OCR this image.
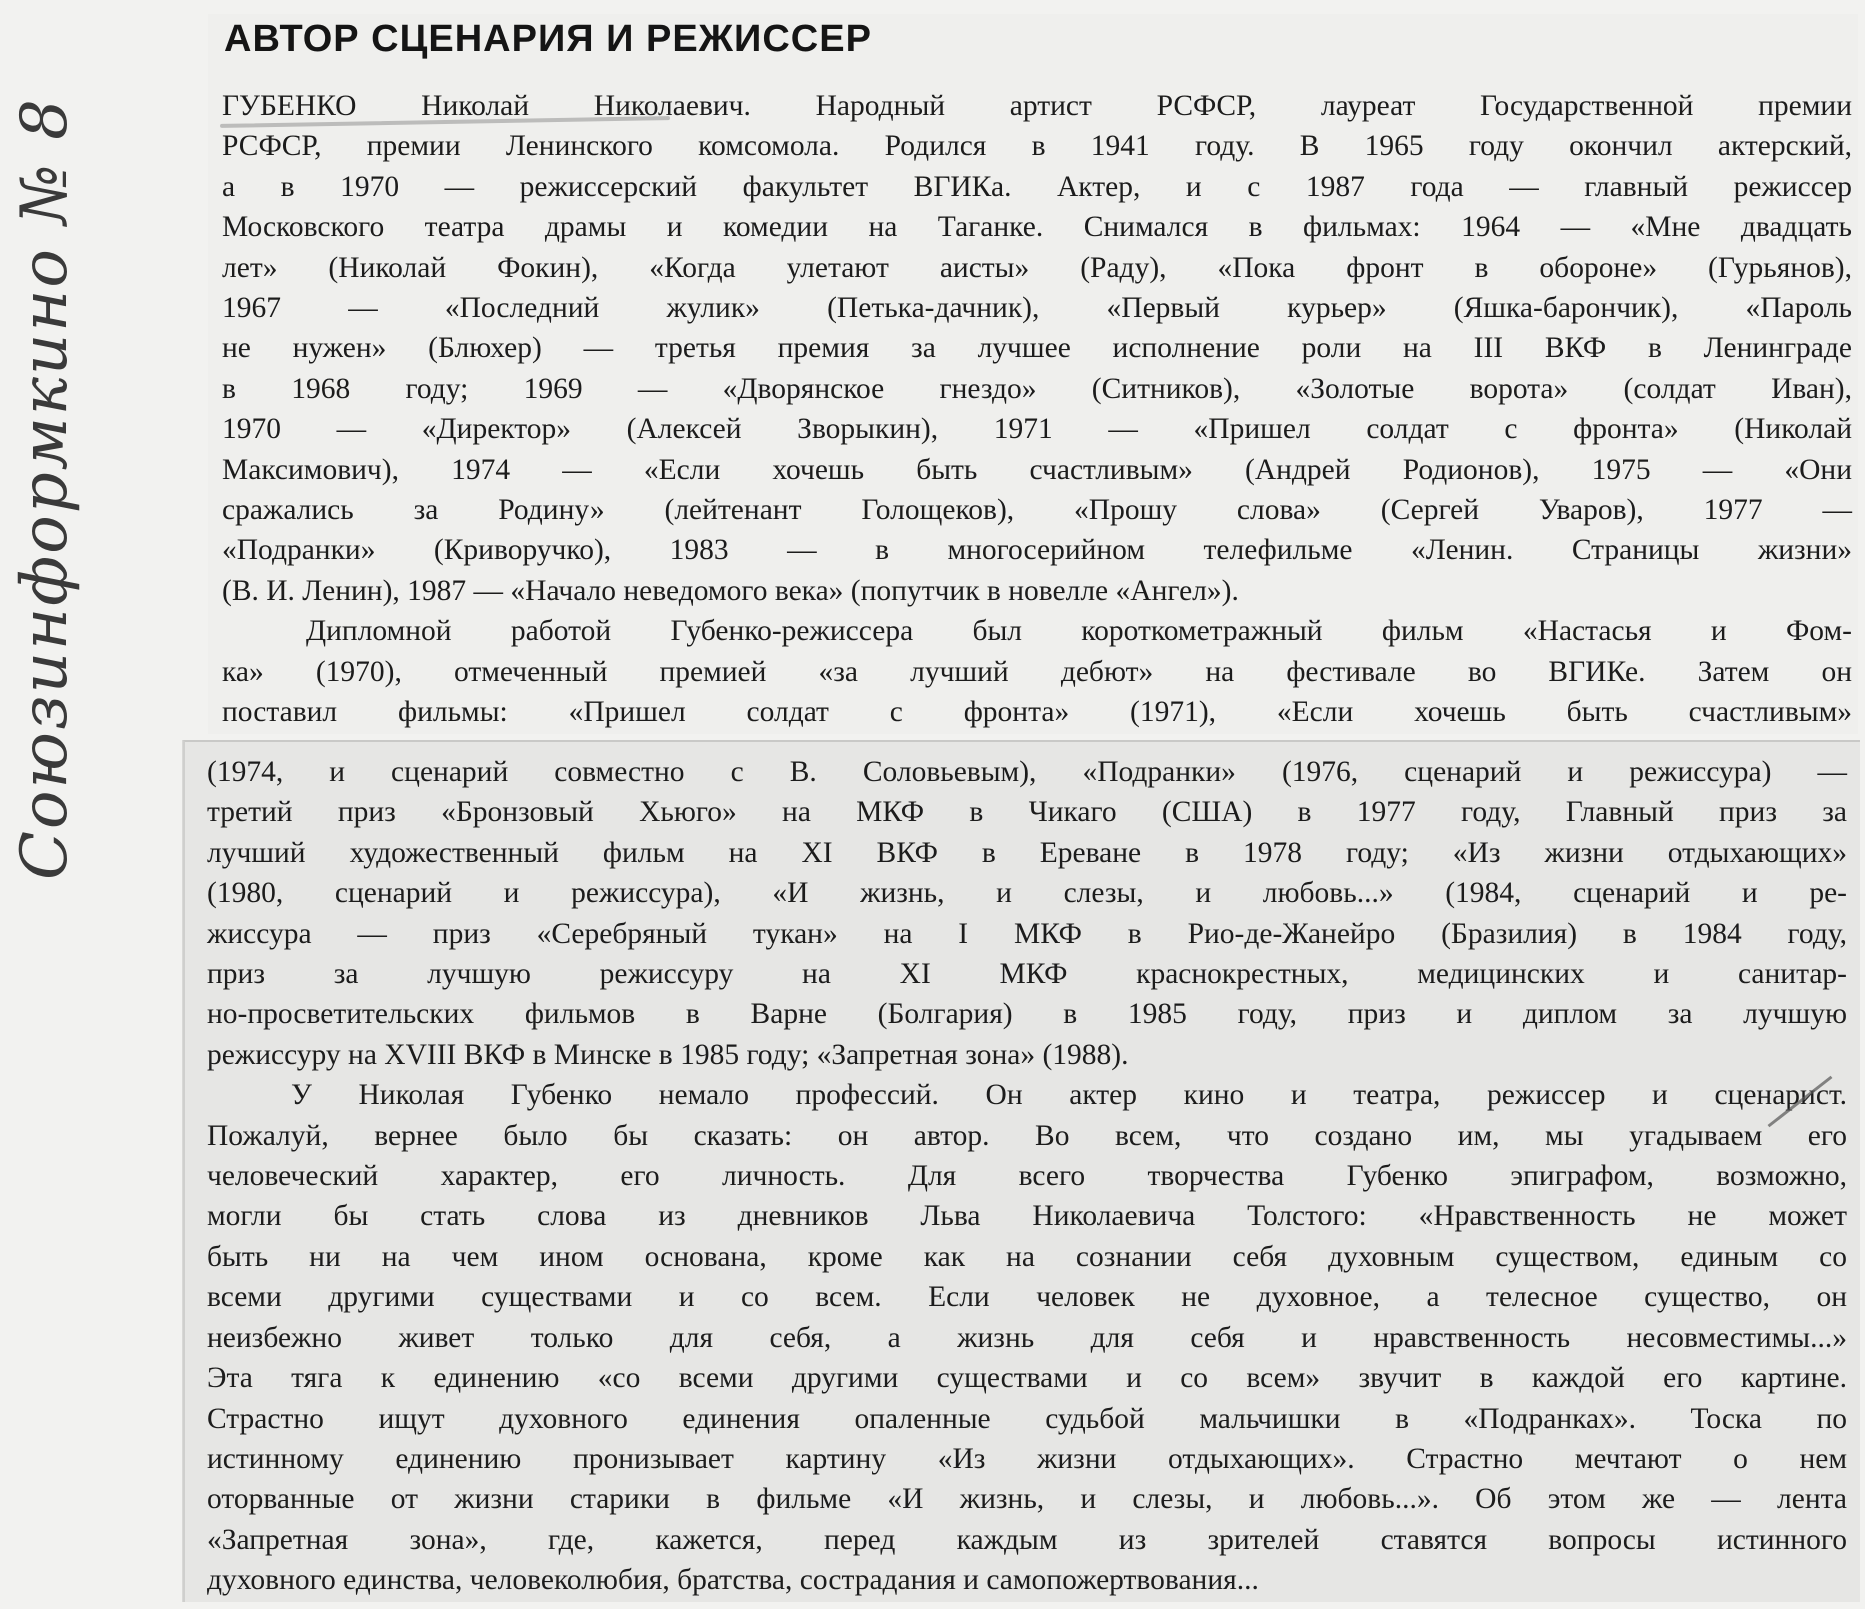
Союзинформкино № 8
АВТОР СЦЕНАРИЯ И РЕЖИССЕР
ГУБЕНКО Николай Николаевич. Народный артист РСФСР, лауреат Государственной премии
РСФСР, премии Ленинского комсомола. Родился в 1941 году. В 1965 году окончил актерский,
а в 1970 — режиссерский факультет ВГИКа. Актер, и с 1987 года — главный режиссер
Московского театра драмы и комедии на Таганке. Снимался в фильмах: 1964 — «Мне двадцать
лет» (Николай Фокин), «Когда улетают аисты» (Раду), «Пока фронт в обороне» (Гурьянов),
1967 — «Последний жулик» (Петька-дачник), «Первый курьер» (Яшка-барончик), «Пароль
не нужен» (Блюхер) — третья премия за лучшее исполнение роли на III ВКФ в Ленинграде
в 1968 году; 1969 — «Дворянское гнездо» (Ситников), «Золотые ворота» (солдат Иван),
1970 — «Директор» (Алексей Зворыкин), 1971 — «Пришел солдат с фронта» (Николай
Максимович), 1974 — «Если хочешь быть счастливым» (Андрей Родионов), 1975 — «Они
сражались за Родину» (лейтенант Голощеков), «Прошу слова» (Сергей Уваров), 1977 —
«Подранки» (Криворучко), 1983 — в многосерийном телефильме «Ленин. Страницы жизни»
(В. И. Ленин), 1987 — «Начало неведомого века» (попутчик в новелле «Ангел»).
Дипломной работой Губенко-режиссера был короткометражный фильм «Настасья и Фом-
ка» (1970), отмеченный премией «за лучший дебют» на фестивале во ВГИКе. Затем он
поставил фильмы: «Пришел солдат с фронта» (1971), «Если хочешь быть счастливым»
(1974, и сценарий совместно с В. Соловьевым), «Подранки» (1976, сценарий и режиссура) —
третий приз «Бронзовый Хьюго» на МКФ в Чикаго (США) в 1977 году, Главный приз за
лучший художественный фильм на XI ВКФ в Ереване в 1978 году; «Из жизни отдыхающих»
(1980, сценарий и режиссура), «И жизнь, и слезы, и любовь...» (1984, сценарий и ре-
жиссура — приз «Серебряный тукан» на I МКФ в Рио-де-Жанейро (Бразилия) в 1984 году,
приз за лучшую режиссуру на XI МКФ краснокрестных, медицинских и санитар-
но-просветительских фильмов в Варне (Болгария) в 1985 году, приз и диплом за лучшую
режиссуру на XVIII ВКФ в Минске в 1985 году; «Запретная зона» (1988).
У Николая Губенко немало профессий. Он актер кино и театра, режиссер и сценарист.
Пожалуй, вернее было бы сказать: он автор. Во всем, что создано им, мы угадываем его
человеческий характер, его личность. Для всего творчества Губенко эпиграфом, возможно,
могли бы стать слова из дневников Льва Николаевича Толстого: «Нравственность не может
быть ни на чем ином основана, кроме как на сознании себя духовным существом, единым со
всеми другими существами и со всем. Если человек не духовное, а телесное существо, он
неизбежно живет только для себя, а жизнь для себя и нравственность несовместимы...»
Эта тяга к единению «со всеми другими существами и со всем» звучит в каждой его картине.
Страстно ищут духовного единения опаленные судьбой мальчишки в «Подранках». Тоска по
истинному единению пронизывает картину «Из жизни отдыхающих». Страстно мечтают о нем
оторванные от жизни старики в фильме «И жизнь, и слезы, и любовь...». Об этом же — лента
«Запретная зона», где, кажется, перед каждым из зрителей ставятся вопросы истинного
духовного единства, человеколюбия, братства, сострадания и самопожертвования...
